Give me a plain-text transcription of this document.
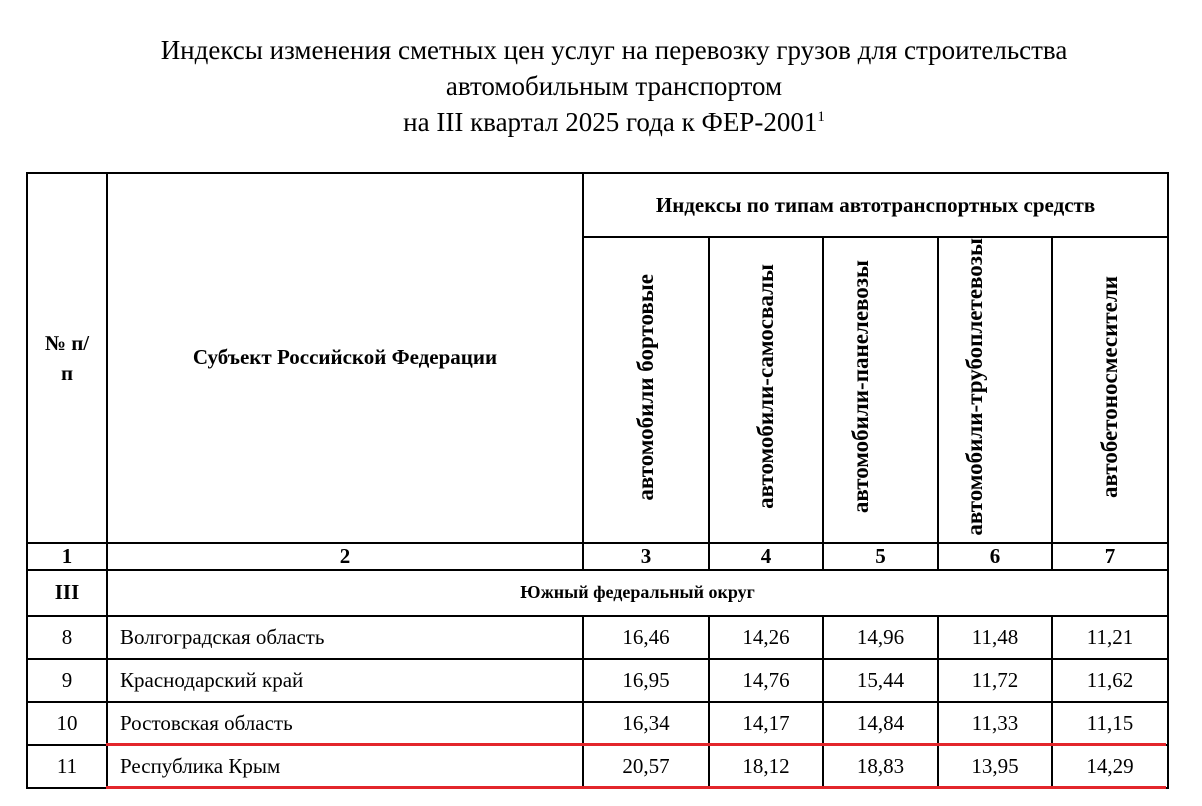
Индексы изменения сметных цен услуг на перевозку грузов для строительства
автомобильным транспортом
на III квартал 2025 года к ФЕР-2001$^1$
№ п/п	Субъект Российской Федерации	Индексы по типам автотранспортных средств				
		автомобили бортовые	автомобили-самосвалы	автомобили-панелевозы	автомобили-трубоплетевозы	автобетоносмесители
1	2	3	4	5	6	7
III	Южный федеральный округ					
8	Волгоградская область	16,46	14,26	14,96	11,48	11,21
9	Краснодарский край	16,95	14,76	15,44	11,72	11,62
10	Ростовская область	16,34	14,17	14,84	11,33	11,15
11	Республика Крым	20,57	18,12	18,83	13,95	14,29
